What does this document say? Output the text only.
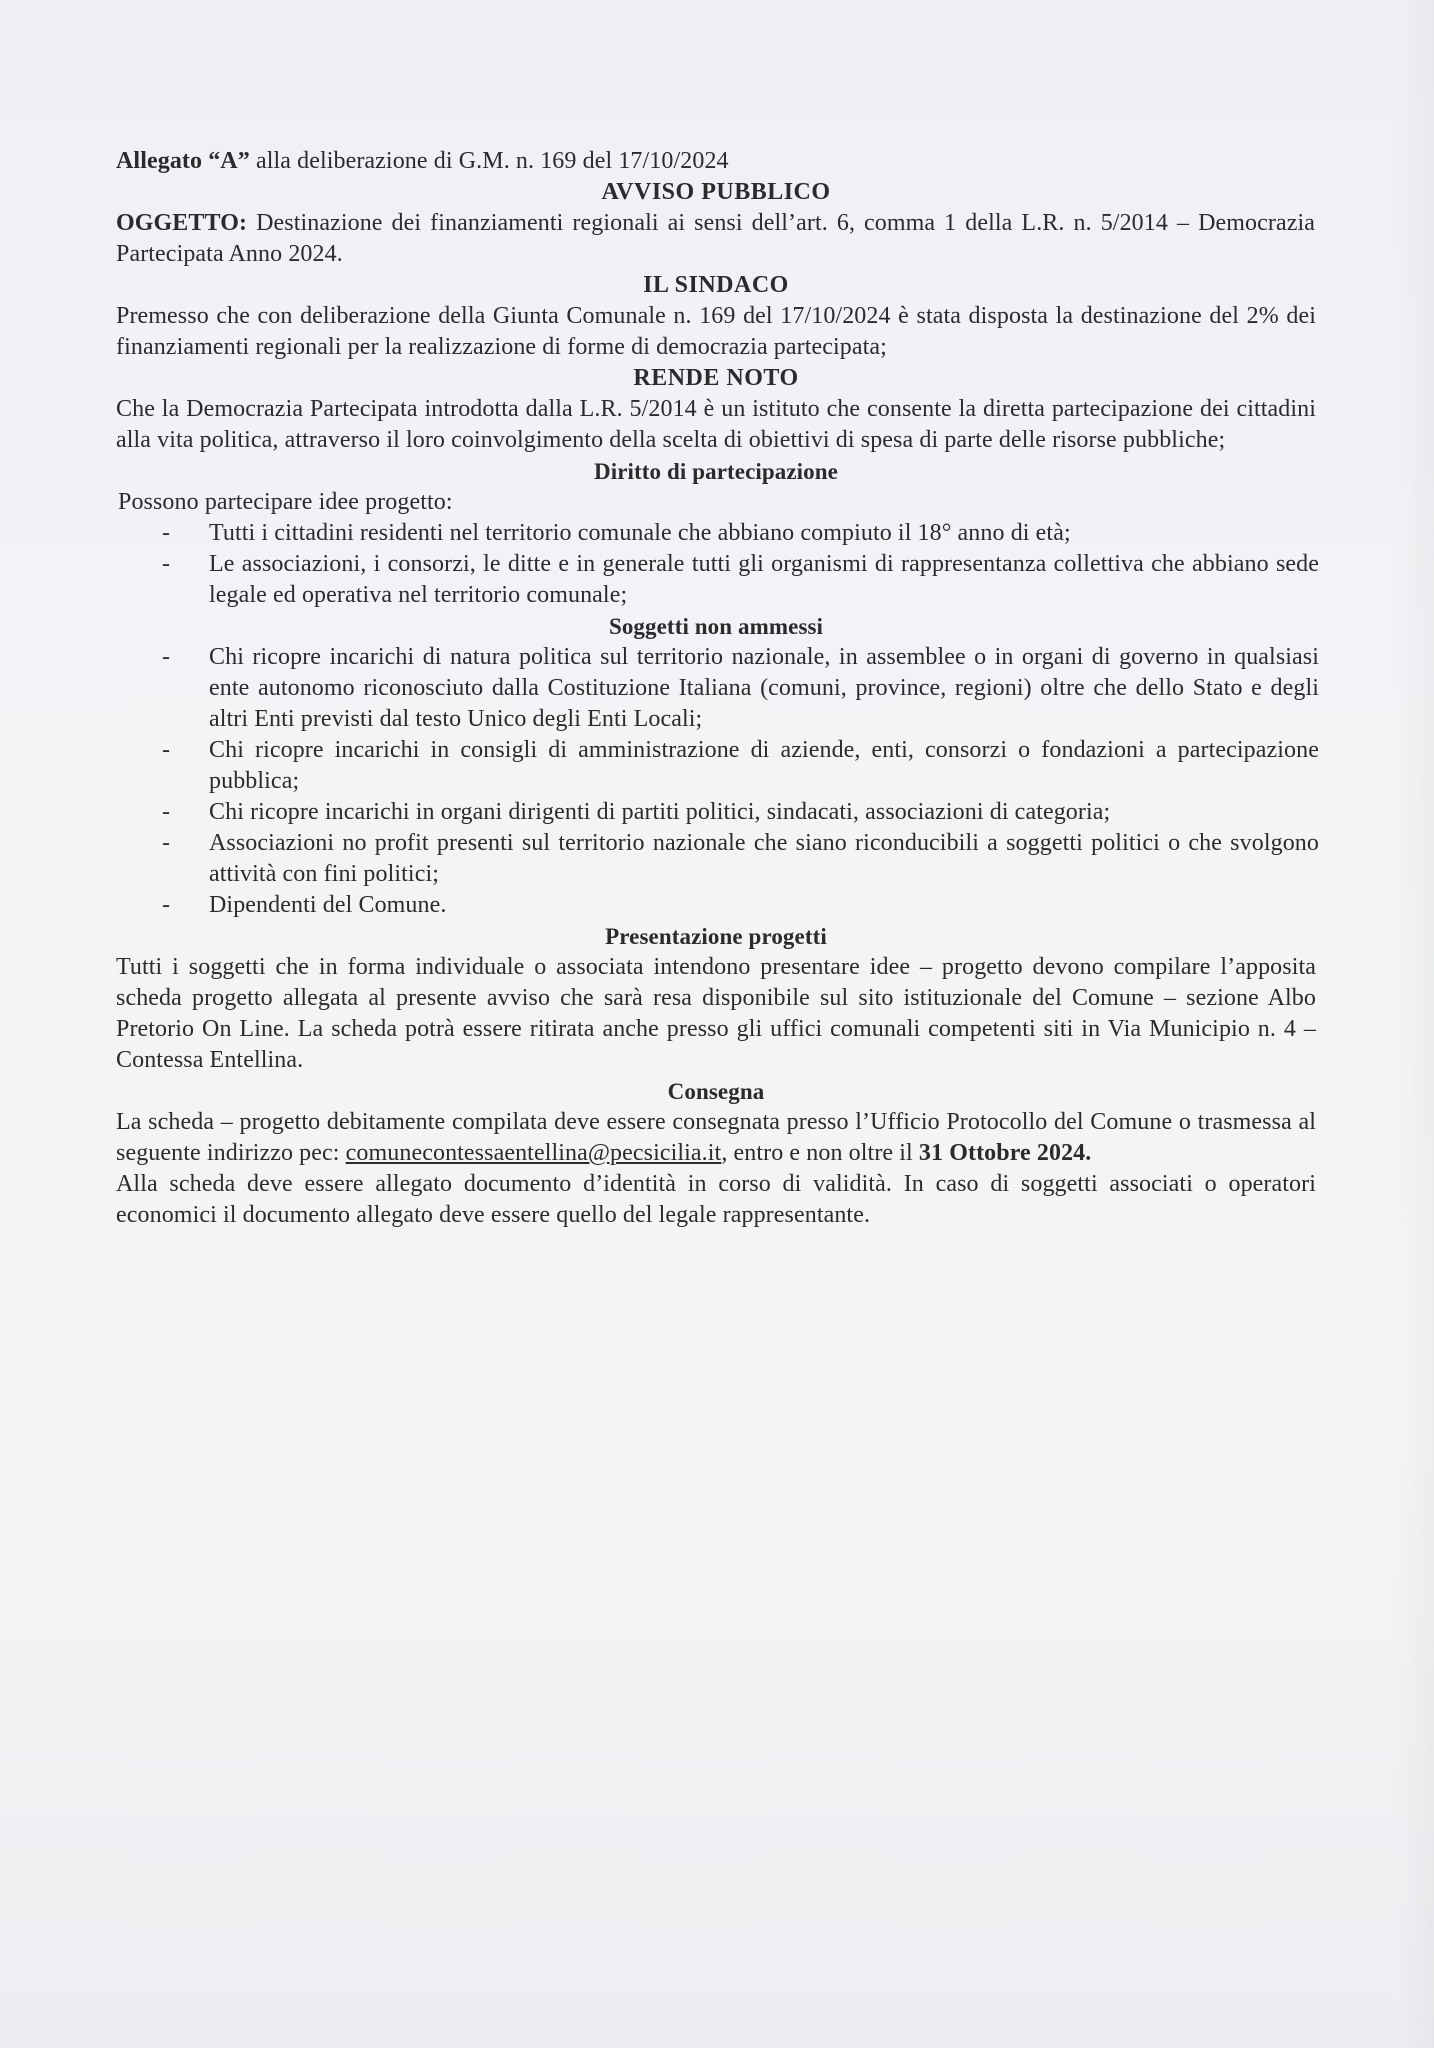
Allegato “A” alla deliberazione di G.M. n. 169 del 17/10/2024

AVVISO PUBBLICO

OGGETTO: Destinazione dei finanziamenti regionali ai sensi dell’art. 6, comma 1 della L.R. n. 5/2014 – Democrazia Partecipata Anno 2024.

IL SINDACO

Premesso che con deliberazione della Giunta Comunale n. 169 del 17/10/2024 è stata disposta la destinazione del 2% dei finanziamenti regionali per la realizzazione di forme di democrazia partecipata;

RENDE NOTO

Che la Democrazia Partecipata introdotta dalla L.R. 5/2014 è un istituto che consente la diretta partecipazione dei cittadini alla vita politica, attraverso il loro coinvolgimento della scelta di obiettivi di spesa di parte delle risorse pubbliche;

Diritto di partecipazione

Possono partecipare idee progetto:

- Tutti i cittadini residenti nel territorio comunale che abbiano compiuto il 18° anno di età;
- Le associazioni, i consorzi, le ditte e in generale tutti gli organismi di rappresentanza collettiva che abbiano sede legale ed operativa nel territorio comunale;

Soggetti non ammessi

- Chi ricopre incarichi di natura politica sul territorio nazionale, in assemblee o in organi di governo in qualsiasi ente autonomo riconosciuto dalla Costituzione Italiana (comuni, province, regioni) oltre che dello Stato e degli altri Enti previsti dal testo Unico degli Enti Locali;
- Chi ricopre incarichi in consigli di amministrazione di aziende, enti, consorzi o fondazioni a partecipazione pubblica;
- Chi ricopre incarichi in organi dirigenti di partiti politici, sindacati, associazioni di categoria;
- Associazioni no profit presenti sul territorio nazionale che siano riconducibili a soggetti politici o che svolgono attività con fini politici;
- Dipendenti del Comune.

Presentazione progetti

Tutti i soggetti che in forma individuale o associata intendono presentare idee – progetto devono compilare l’apposita scheda progetto allegata al presente avviso che sarà resa disponibile sul sito istituzionale del Comune – sezione Albo Pretorio On Line. La scheda potrà essere ritirata anche presso gli uffici comunali competenti siti in Via Municipio n. 4 – Contessa Entellina.

Consegna

La scheda – progetto debitamente compilata deve essere consegnata presso l’Ufficio Protocollo del Comune o trasmessa al seguente indirizzo pec: comunecontessaentellina@pecsicilia.it, entro e non oltre il 31 Ottobre 2024.

Alla scheda deve essere allegato documento d’identità in corso di validità. In caso di soggetti associati o operatori economici il documento allegato deve essere quello del legale rappresentante.
